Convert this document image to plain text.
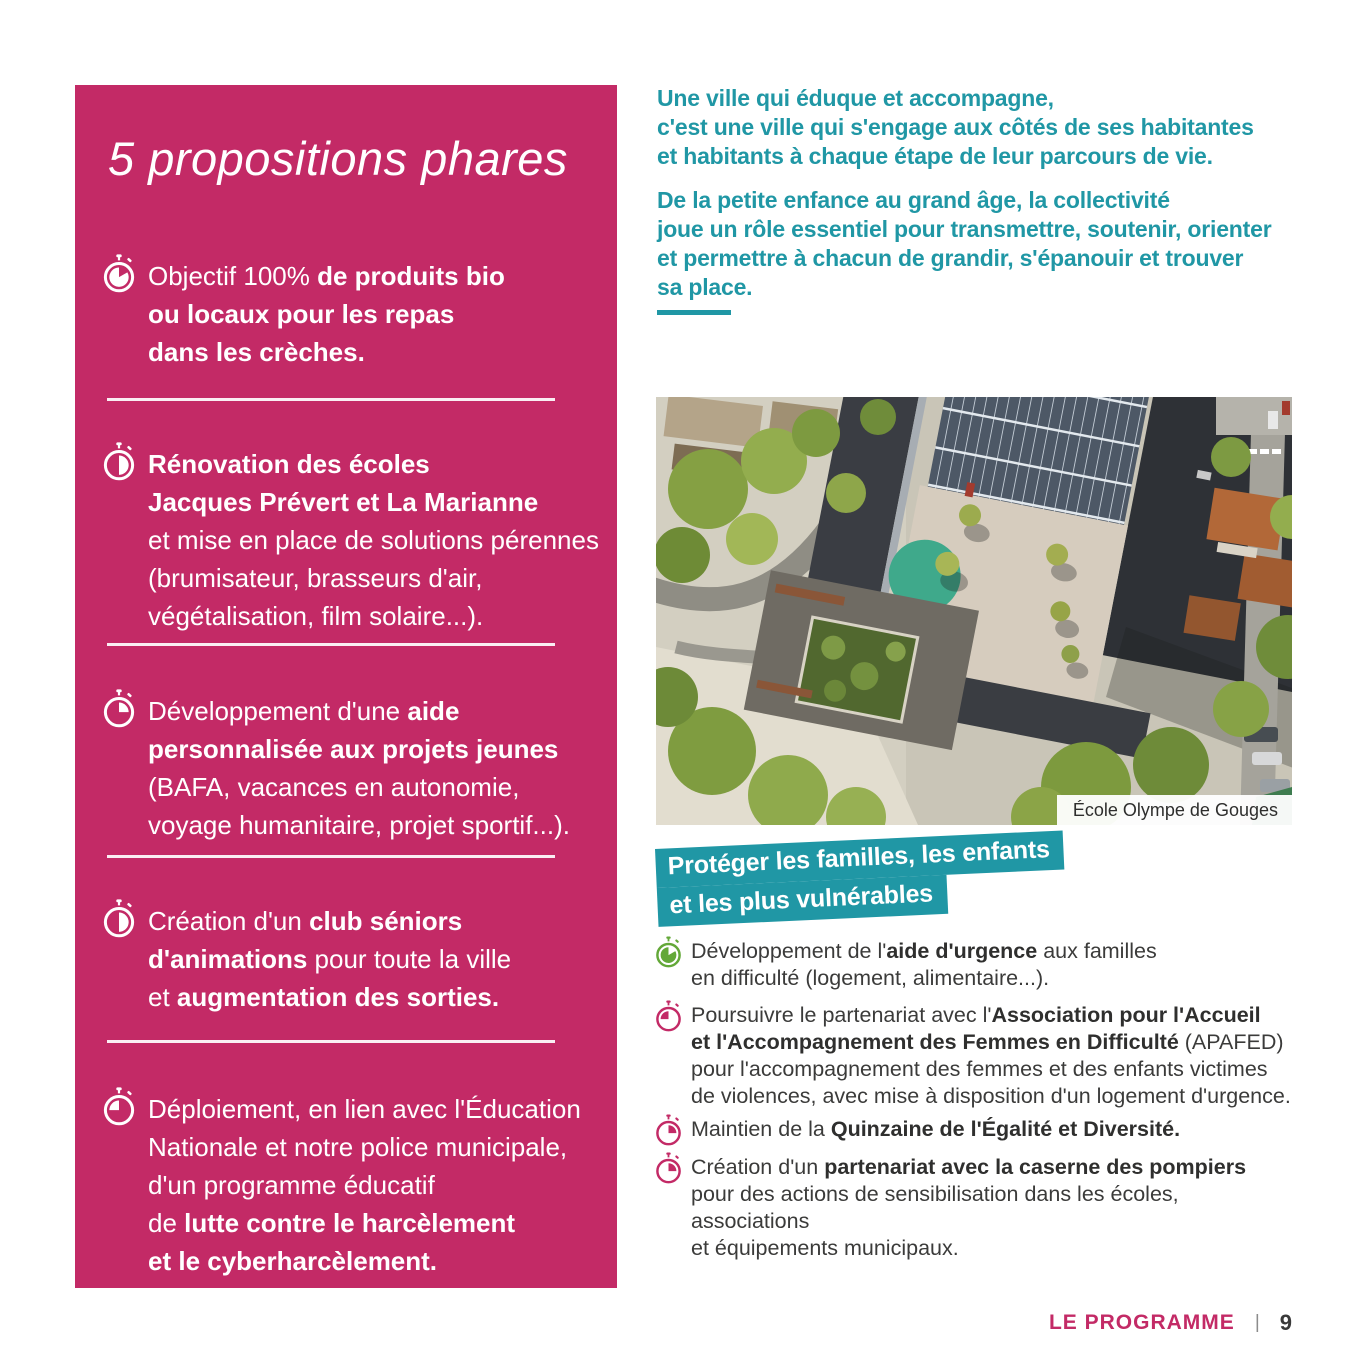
5 propositions phares
Objectif 100% de produits bio
ou locaux pour les repas
dans les crèches.
Rénovation des écoles
Jacques Prévert et La Marianne
et mise en place de solutions pérennes
(brumisateur, brasseurs d'air,
végétalisation, film solaire...).
Développement d'une aide
personnalisée aux projets jeunes
(BAFA, vacances en autonomie,
voyage humanitaire, projet sportif...).
Création d'un club séniors
d'animations pour toute la ville
et augmentation des sorties.
Déploiement, en lien avec l'Éducation
Nationale et notre police municipale,
d'un programme éducatif
de lutte contre le harcèlement
et le cyberharcèlement.
Une ville qui éduque et accompagne,
c'est une ville qui s'engage aux côtés de ses habitantes
et habitants à chaque étape de leur parcours de vie.
De la petite enfance au grand âge, la collectivité
joue un rôle essentiel pour transmettre, soutenir, orienter
et permettre à chacun de grandir, s'épanouir et trouver
sa place.
École Olympe de Gouges
Protéger les familles, les enfants
et les plus vulnérables
Développement de l'aide d'urgence aux familles
en difficulté (logement, alimentaire...).
Poursuivre le partenariat avec l'Association pour l'Accueil
et l'Accompagnement des Femmes en Difficulté (APAFED)
pour l'accompagnement des femmes et des enfants victimes
de violences, avec mise à disposition d'un logement d'urgence.
Maintien de la Quinzaine de l'Égalité et Diversité.
Création d'un partenariat avec la caserne des pompiers
pour des actions de sensibilisation dans les écoles, associations
et équipements municipaux.
LE PROGRAMME | 9
